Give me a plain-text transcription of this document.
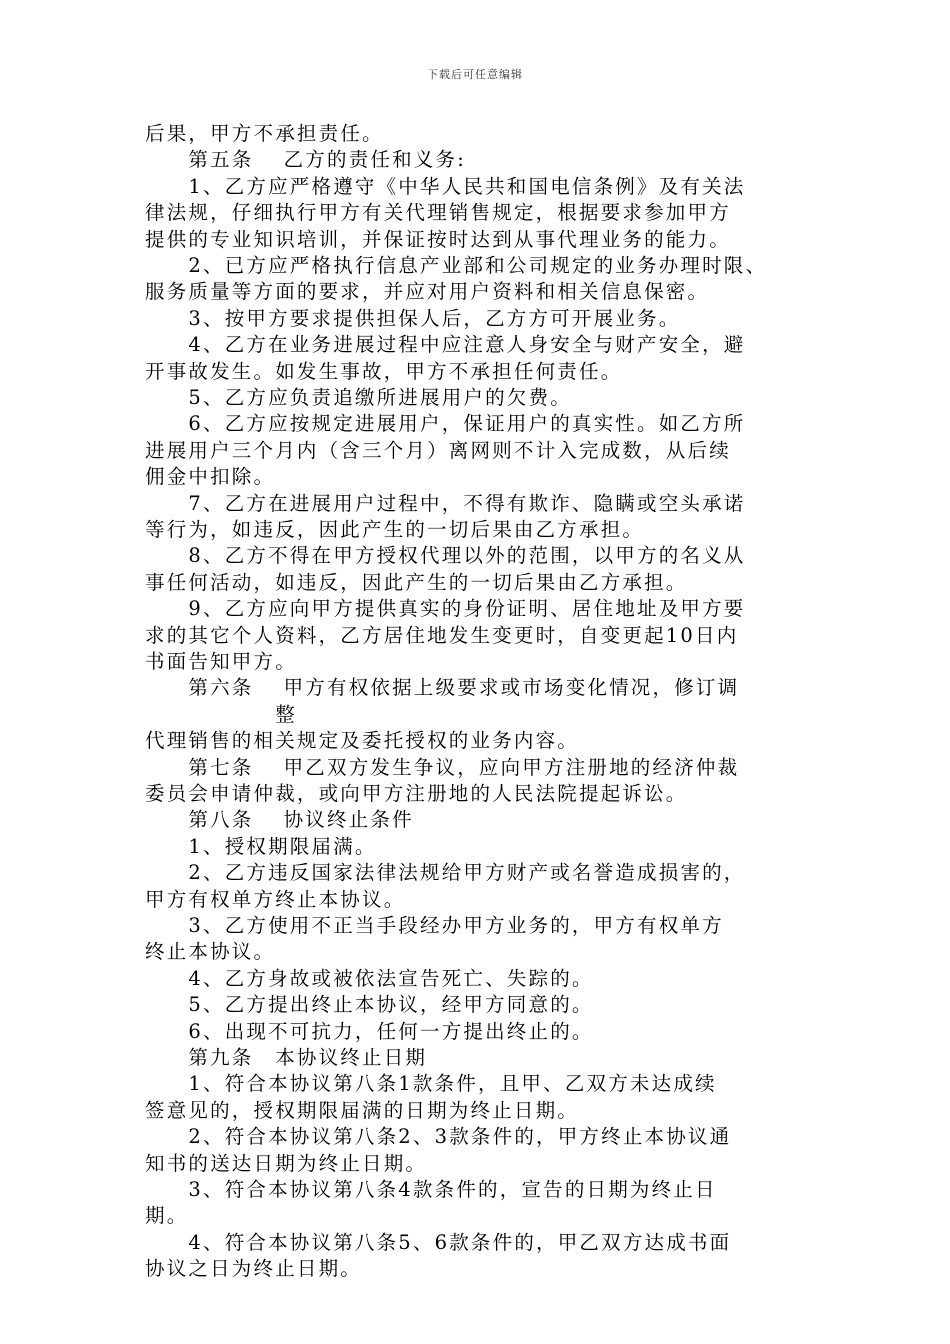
下载后可任意编辑
后果，甲方不承担责任。
　　第五条　 乙方的责任和义务:
　　1、乙方应严格遵守《中华人民共和国电信条例》及有关法
律法规，仔细执行甲方有关代理销售规定，根据要求参加甲方
提供的专业知识培训，并保证按时达到从事代理业务的能力。
　　2、已方应严格执行信息产业部和公司规定的业务办理时限、
服务质量等方面的要求，并应对用户资料和相关信息保密。
　　3、按甲方要求提供担保人后，乙方方可开展业务。
　　4、乙方在业务进展过程中应注意人身安全与财产安全，避
开事故发生。如发生事故，甲方不承担任何责任。
　　5、乙方应负责追缴所进展用户的欠费。
　　6、乙方应按规定进展用户，保证用户的真实性。如乙方所
进展用户三个月内（含三个月）离网则不计入完成数，从后续
佣金中扣除。
　　7、乙方在进展用户过程中，不得有欺诈、隐瞒或空头承诺
等行为，如违反，因此产生的一切后果由乙方承担。
　　8、乙方不得在甲方授权代理以外的范围，以甲方的名义从
事任何活动，如违反，因此产生的一切后果由乙方承担。
　　9、乙方应向甲方提供真实的身份证明、居住地址及甲方要
求的其它个人资料，乙方居住地发生变更时，自变更起10日内
书面告知甲方。
　　第六条　 甲方有权依据上级要求或市场变化情况，修订调
　　　　　　整
代理销售的相关规定及委托授权的业务内容。
　　第七条　 甲乙双方发生争议，应向甲方注册地的经济仲裁
委员会申请仲裁，或向甲方注册地的人民法院提起诉讼。
　　第八条　 协议终止条件
　　1、授权期限届满。
　　2、乙方违反国家法律法规给甲方财产或名誉造成损害的，
甲方有权单方终止本协议。
　　3、乙方使用不正当手段经办甲方业务的，甲方有权单方
终止本协议。
　　4、乙方身故或被依法宣告死亡、失踪的。
　　5、乙方提出终止本协议，经甲方同意的。
　　6、出现不可抗力，任何一方提出终止的。
　　第九条　本协议终止日期
　　1、符合本协议第八条1款条件，且甲、乙双方未达成续
签意见的，授权期限届满的日期为终止日期。
　　2、符合本协议第八条2、3款条件的，甲方终止本协议通
知书的送达日期为终止日期。
　　3、符合本协议第八条4款条件的，宣告的日期为终止日
期。
　　4、符合本协议第八条5、6款条件的，甲乙双方达成书面
协议之日为终止日期。
